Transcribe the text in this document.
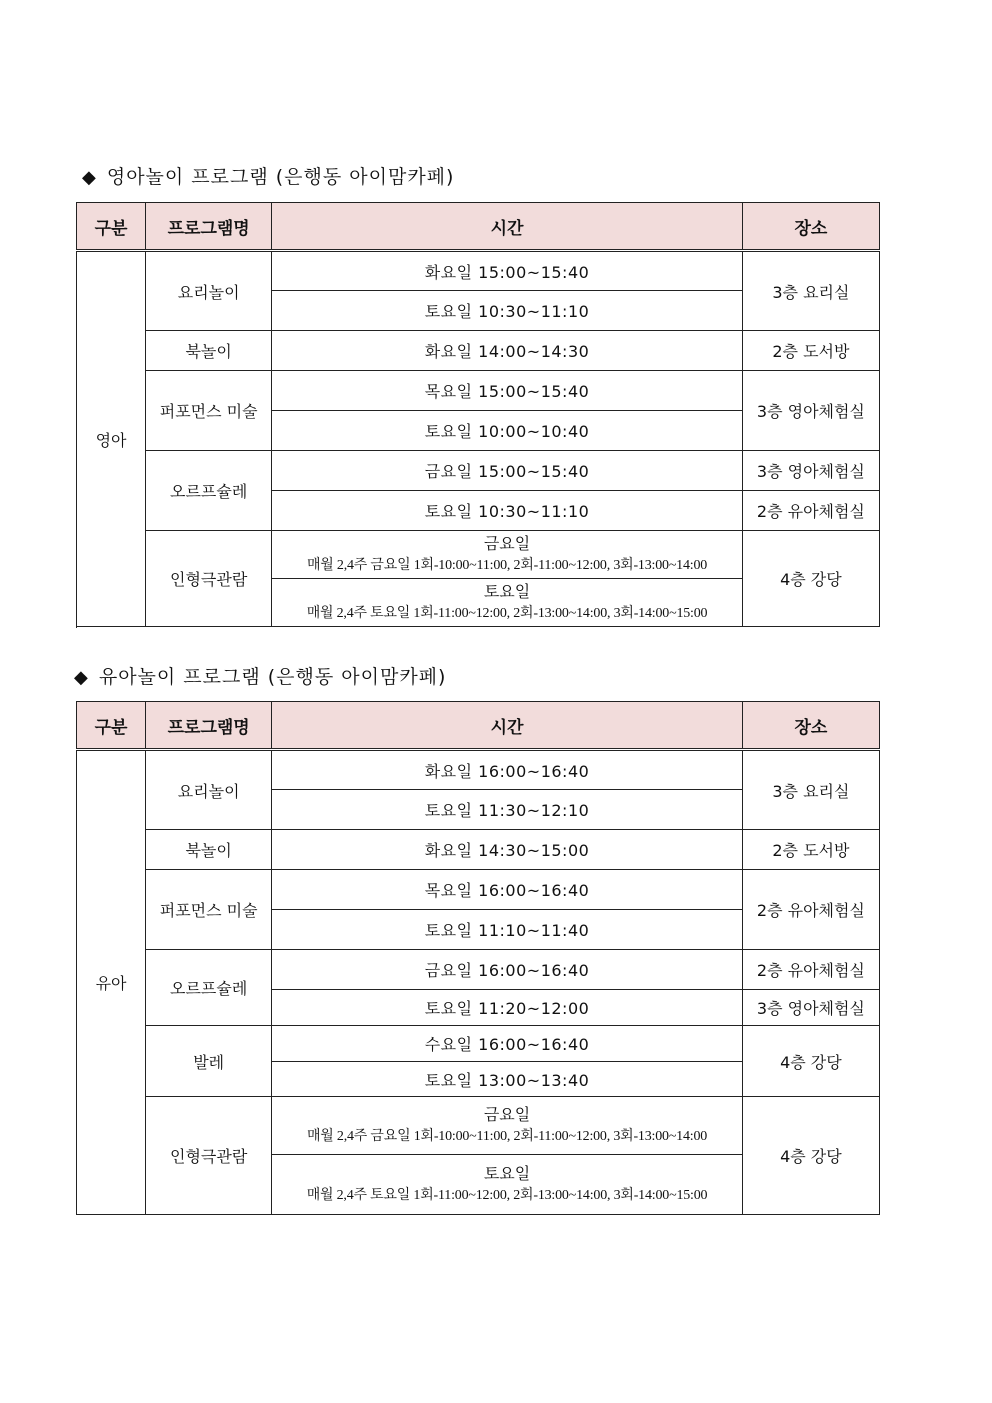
◆ 영아놀이 프로그램 (은행동 아이맘카페)
구분	프로그램명	시간	장소
영아	요리놀이	화요일 15:00~15:40	3층 요리실
		토요일 10:30~11:10	
	북놀이	화요일 14:00~14:30	2층 도서방
	퍼포먼스 미술	목요일 15:00~15:40	3층 영아체험실
		토요일 10:00~10:40	
	오르프슐레	금요일 15:00~15:40	3층 영아체험실
		토요일 10:30~11:10	2층 유아체험실
	인형극관람	금요일
매월 2,4주 금요일 1회-10:00~11:00, 2회-11:00~12:00, 3회-13:00~14:00	4층 강당

		토요일
매월 2,4주 토요일 1회-11:00~12:00, 2회-13:00~14:00, 3회-14:00~15:00	

◆ 유아놀이 프로그램 (은행동 아이맘카페)
구분	프로그램명	시간	장소
유아	요리놀이	화요일 16:00~16:40	3층 요리실
		토요일 11:30~12:10	
	북놀이	화요일 14:30~15:00	2층 도서방
	퍼포먼스 미술	목요일 16:00~16:40	2층 유아체험실
		토요일 11:10~11:40	
	오르프슐레	금요일 16:00~16:40	2층 유아체험실
		토요일 11:20~12:00	3층 영아체험실
	발레	수요일 16:00~16:40	4층 강당
		토요일 13:00~13:40	
	인형극관람	금요일
매월 2,4주 금요일 1회-10:00~11:00, 2회-11:00~12:00, 3회-13:00~14:00	4층 강당

		토요일
매월 2,4주 토요일 1회-11:00~12:00, 2회-13:00~14:00, 3회-14:00~15:00	
